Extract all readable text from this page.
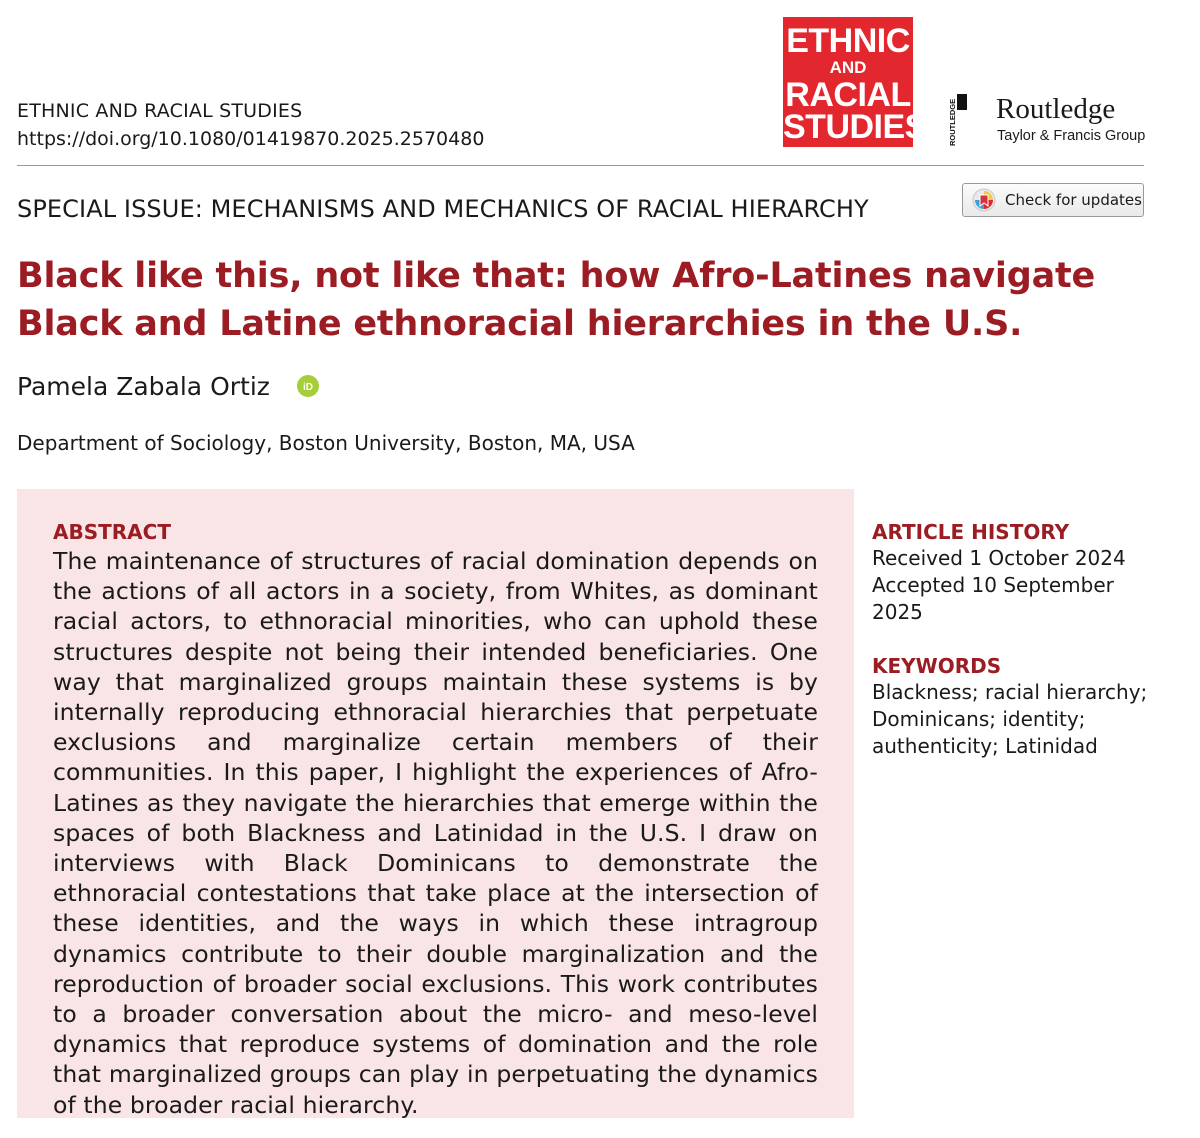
ETHNIC AND RACIAL STUDIES
https://doi.org/10.1080/01419870.2025.2570480
ETHNIC
AND
RACIAL
STUDIES	ROUTLEDGE Routledge
Taylor & Francis Group
SPECIAL ISSUE: MECHANISMS AND MECHANICS OF RACIAL HIERARCHY	Check for updates
Black like this, not like that: how Afro-Latines navigate Black and Latine ethnoracial hierarchies in the U.S.
Pamela Zabala Ortiz	iD
Department of Sociology, Boston University, Boston, MA, USA
ABSTRACT

The maintenance of structures of racial domination depends on the actions of all actors in a society, from Whites, as dominant racial actors, to ethnoracial minorities, who can uphold these structures despite not being their intended beneficiaries. One way that marginalized groups maintain these systems is by internally reproducing ethnoracial hierarchies that perpetuate exclusions and marginalize certain members of their communities. In this paper, I highlight the experiences of Afro-Latines as they navigate the hierarchies that emerge within the spaces of both Blackness and Latinidad in the U.S. I draw on interviews with Black Dominicans to demonstrate the ethnoracial contestations that take place at the intersection of these identities, and the ways in which these intragroup dynamics contribute to their double marginalization and the reproduction of broader social exclusions. This work contributes to a broader conversation about the micro- and meso-level dynamics that reproduce systems of domination and the role that marginalized groups can play in perpetuating the dynamics of the broader racial hierarchy.

ARTICLE HISTORY
Received 1 October 2024
Accepted 10 September 2025
KEYWORDS

Blackness; racial hierarchy; Dominicans; identity; authenticity; Latinidad
